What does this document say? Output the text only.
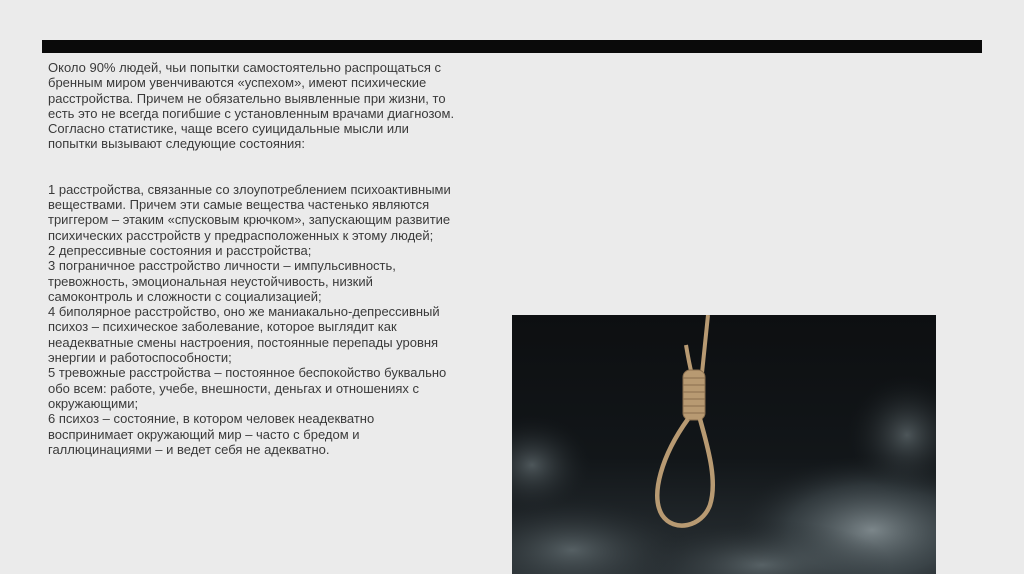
Около 90% людей, чьи попытки самостоятельно распрощаться с бренным миром увенчиваются «успехом», имеют психические расстройства. Причем не обязательно выявленные при жизни, то есть это не всегда погибшие с установленным врачами диагнозом.

Согласно статистике, чаще всего суицидальные мысли или попытки вызывают следующие состояния:

1 расстройства, связанные со злоупотреблением психоактивными веществами. Причем эти самые вещества частенько являются триггером – этаким «спусковым крючком», запускающим развитие психических расстройств у предрасположенных к этому людей;

2 депрессивные состояния и расстройства;

3 пограничное расстройство личности – импульсивность, тревожность, эмоциональная неустойчивость, низкий самоконтроль и сложности с социализацией;

4 биполярное расстройство, оно же маниакально-депрессивный психоз – психическое заболевание, которое выглядит как неадекватные смены настроения, постоянные перепады уровня энергии и работоспособности;

5 тревожные расстройства – постоянное беспокойство буквально обо всем: работе, учебе, внешности, деньгах и отношениях с окружающими;

6 психоз – состояние, в котором человек неадекватно воспринимает окружающий мир – часто с бредом и галлюцинациями – и ведет себя не адекватно.
